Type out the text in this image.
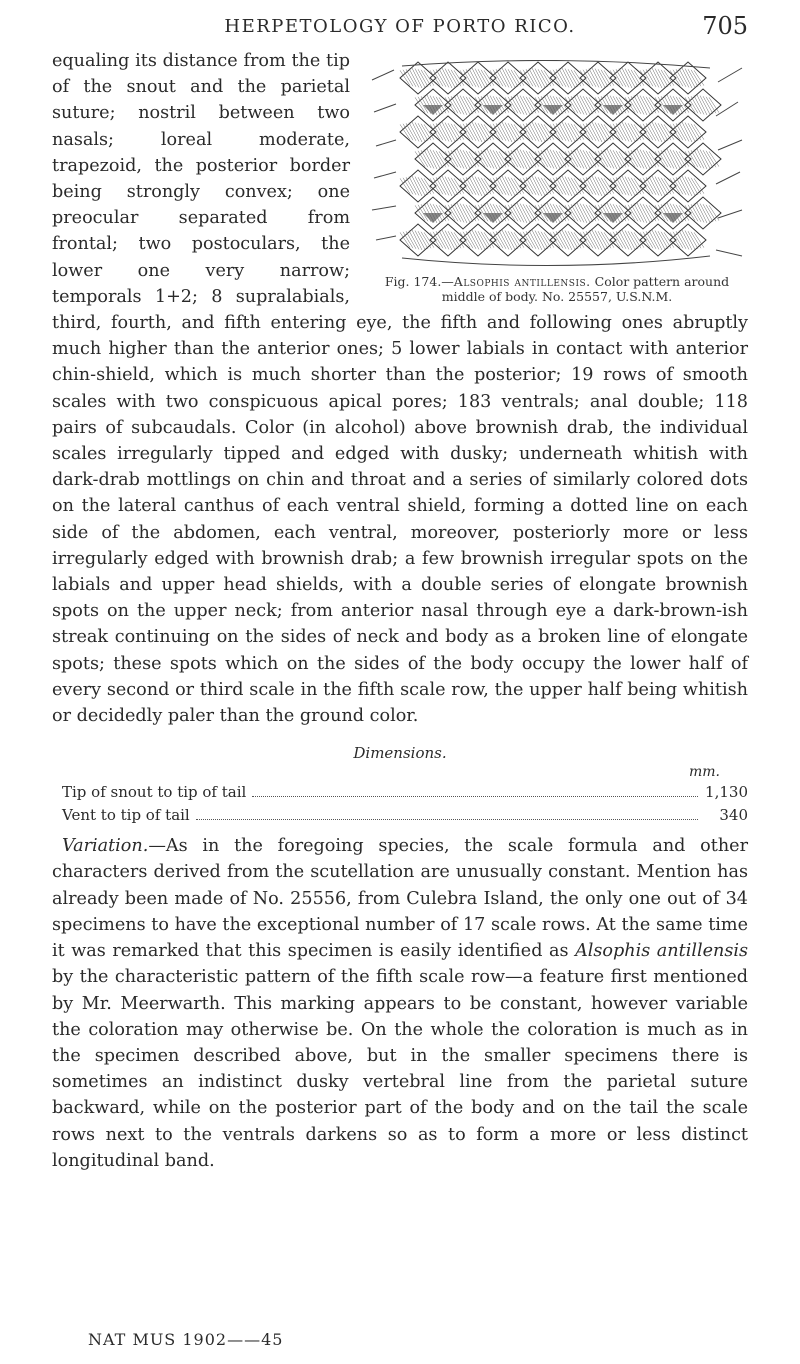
HERPETOLOGY OF PORTO RICO.	705
Fig. 174.—Alsophis antillensis. Color pattern around middle of body. No. 25557, U.S.N.M.

equaling its distance from the tip of the snout and the parietal suture; nostril between two nasals; loreal moderate, trapezoid, the posterior border being strongly convex; one preocular separated from frontal; two postoculars, the lower one very narrow; temporals 1+2; 8 supralabials, third, fourth, and fifth entering eye, the fifth and following ones abruptly much higher than the anterior ones; 5 lower labials in contact with anterior chin-shield, which is much shorter than the posterior; 19 rows of smooth scales with two conspicuous apical pores; 183 ventrals; anal double; 118 pairs of subcaudals. Color (in alcohol) above brownish drab, the individual scales irregularly tipped and edged with dusky; underneath whitish with dark-drab mottlings on chin and throat and a series of similarly colored dots on the lateral canthus of each ventral shield, forming a dotted line on each side of the abdomen, each ventral, moreover, posteriorly more or less irregularly edged with brownish drab; a few brownish irregular spots on the labials and upper head shields, with a double series of elongate brownish spots on the upper neck; from anterior nasal through eye a dark-brown-ish streak continuing on the sides of neck and body as a broken line of elongate spots; these spots which on the sides of the body occupy the lower half of every second or third scale in the fifth scale row, the upper half being whitish or decidedly paler than the ground color.

Dimensions.
mm.
Tip of snout to tip of tail	1,130
Vent to tip of tail	340

Variation.—As in the foregoing species, the scale formula and other characters derived from the scutellation are unusually constant. Mention has already been made of No. 25556, from Culebra Island, the only one out of 34 specimens to have the exceptional number of 17 scale rows. At the same time it was remarked that this specimen is easily identified as Alsophis antillensis by the characteristic pattern of the fifth scale row—a feature first mentioned by Mr. Meerwarth. This marking appears to be constant, however variable the coloration may otherwise be. On the whole the coloration is much as in the specimen described above, but in the smaller specimens there is sometimes an indistinct dusky vertebral line from the parietal suture backward, while on the posterior part of the body and on the tail the scale rows next to the ventrals darkens so as to form a more or less distinct longitudinal band.

NAT MUS 1902——45
